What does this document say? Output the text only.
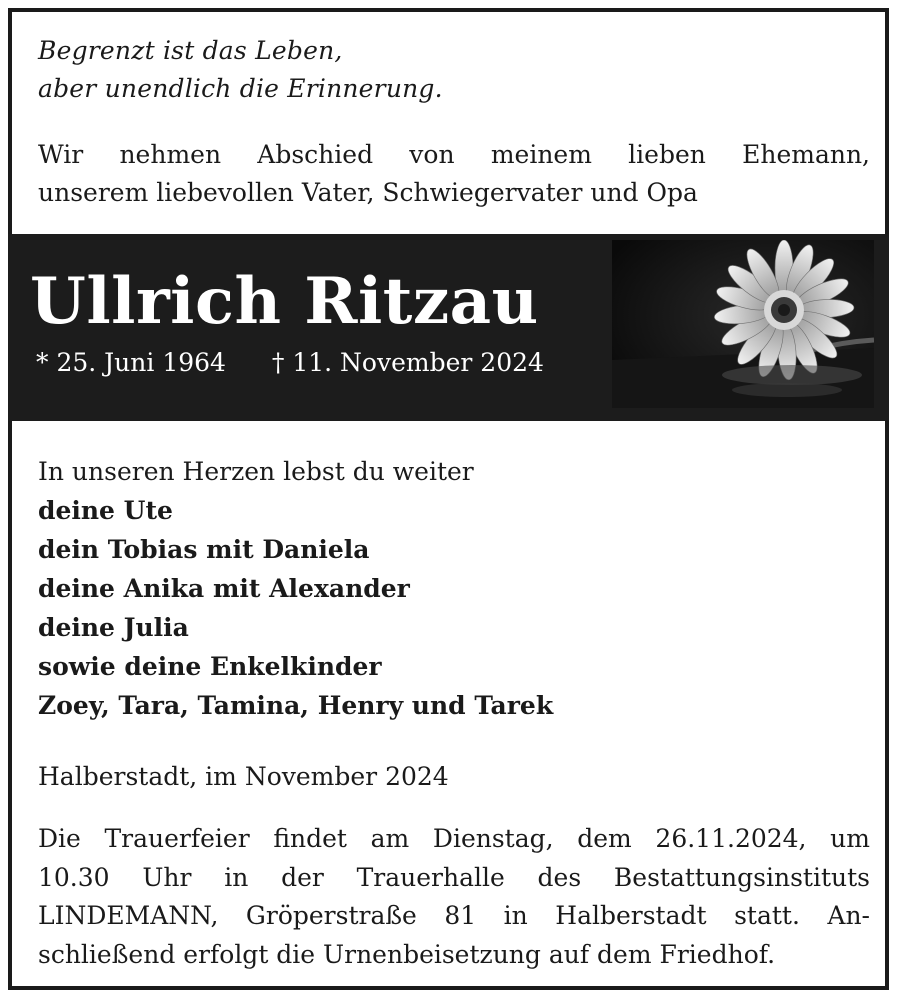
Begrenzt ist das Leben,
aber unendlich die Erinnerung.
Wir nehmen Abschied von meinem lieben Ehemann,
unserem liebevollen Vater, Schwiegervater und Opa
Ullrich Ritzau
* 25. Juni 1964 † 11. November 2024
In unseren Herzen lebst du weiter
deine Ute
dein Tobias mit Daniela
deine Anika mit Alexander
deine Julia
sowie deine Enkelkinder
Zoey, Tara, Tamina, Henry und Tarek
Halberstadt, im November 2024
Die Trauerfeier findet am Dienstag, dem 26.11.2024, um
10.30 Uhr in der Trauerhalle des Bestattungsinstituts
LINDEMANN, Gröperstraße 81 in Halberstadt statt. An-
schließend erfolgt die Urnenbeisetzung auf dem Friedhof.
